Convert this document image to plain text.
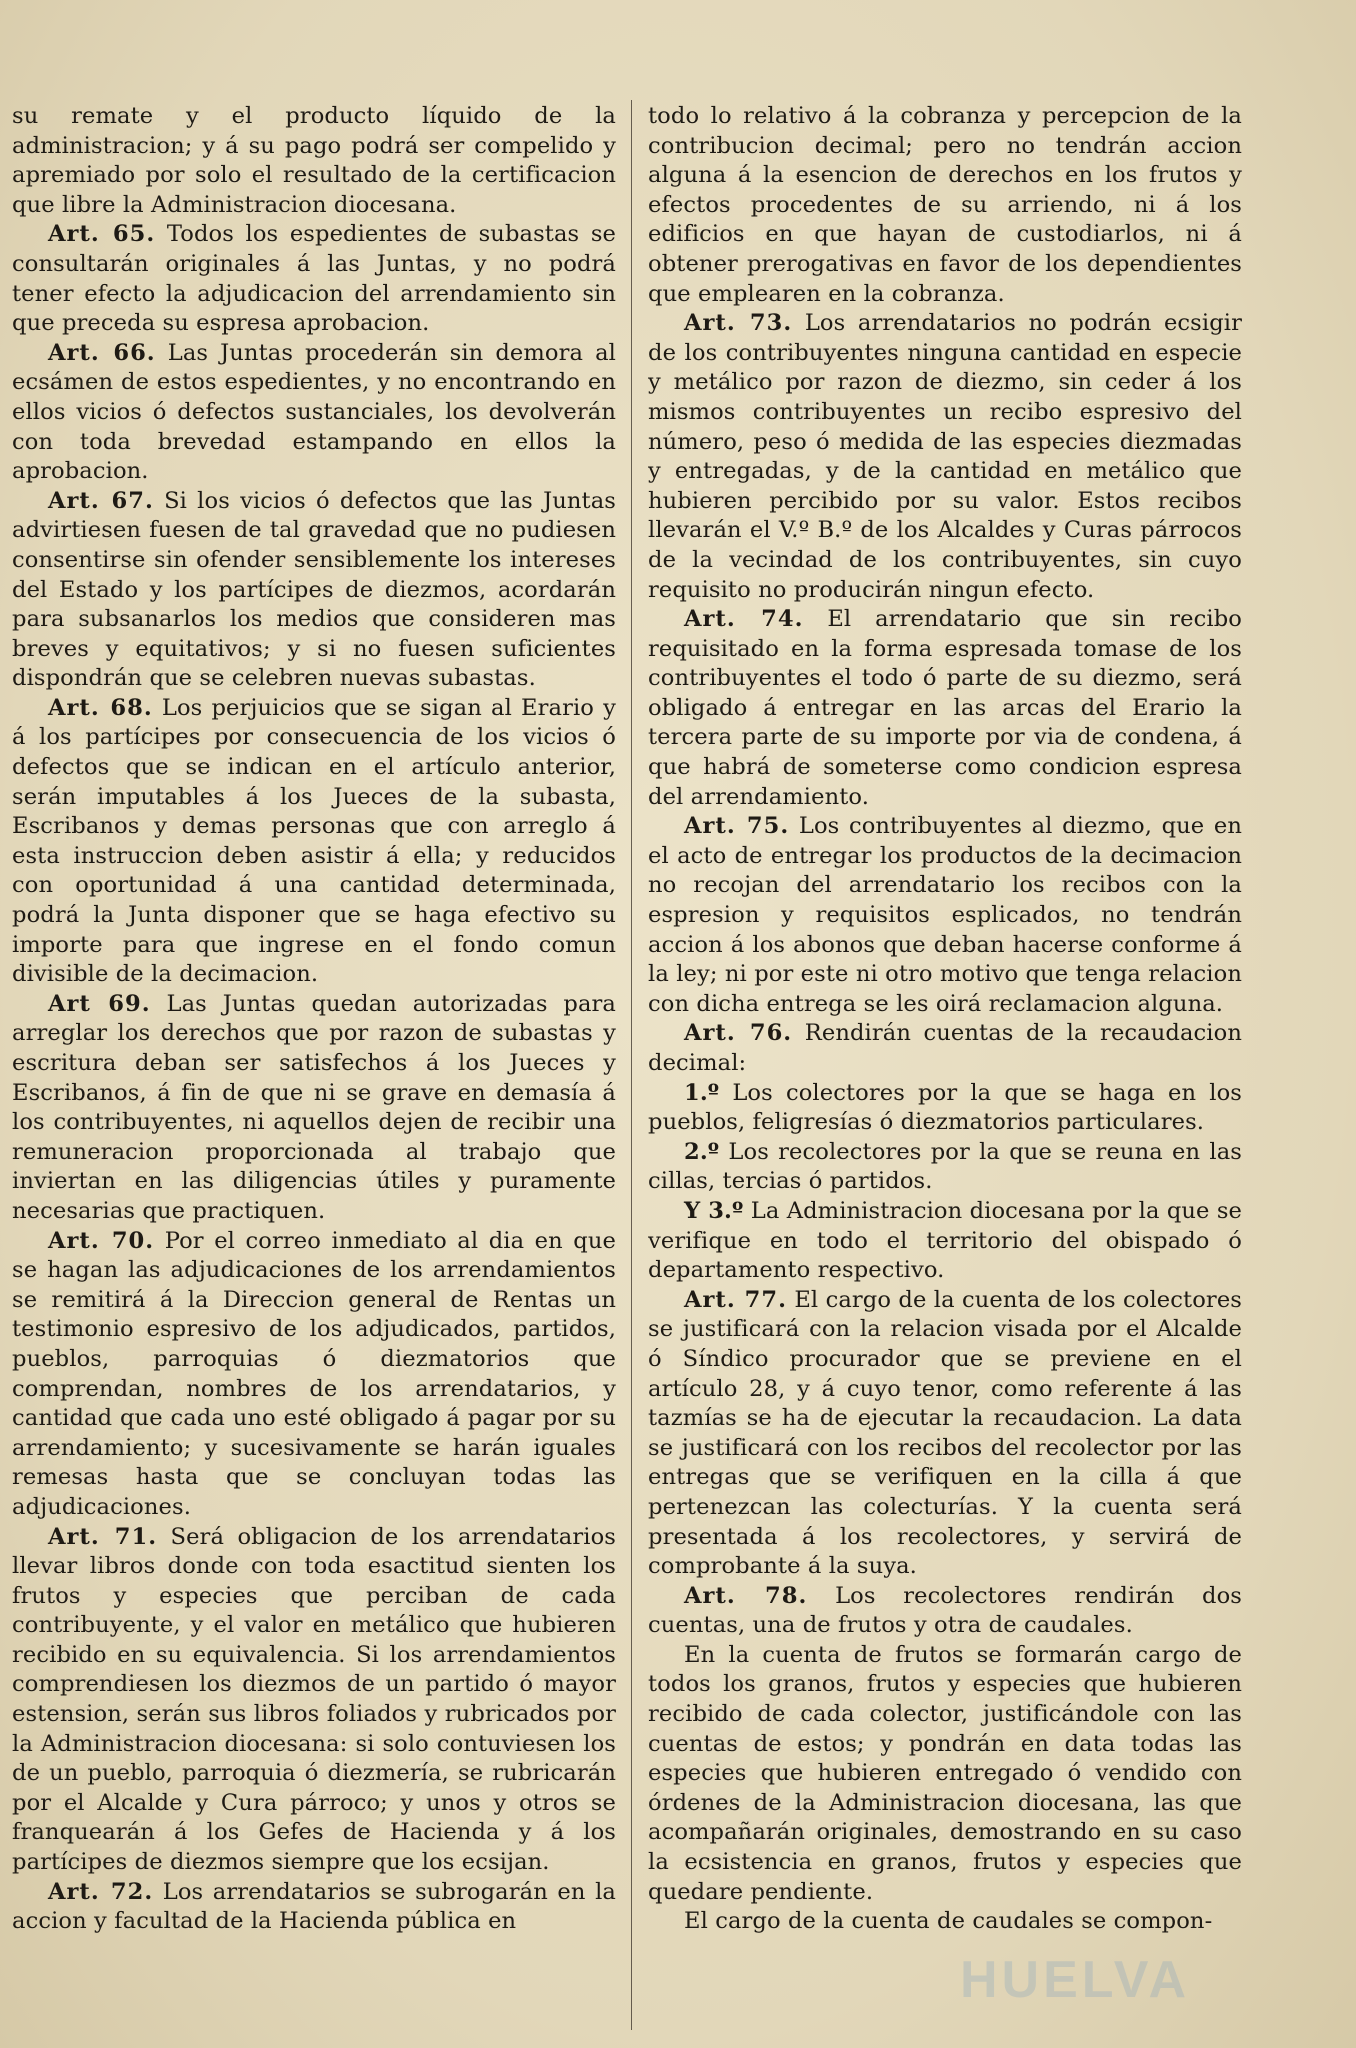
su remate y el producto líquido de la administracion; y á su pago podrá ser compelido y apremiado por solo el resultado de la certificacion que libre la Administracion diocesana.

Art. 65. Todos los espedientes de subastas se consultarán originales á las Juntas, y no podrá tener efecto la adjudicacion del arrendamiento sin que preceda su espresa aprobacion.

Art. 66. Las Juntas procederán sin demora al ecsámen de estos espedientes, y no encontrando en ellos vicios ó defectos sustanciales, los devolverán con toda brevedad estampando en ellos la aprobacion.

Art. 67. Si los vicios ó defectos que las Juntas advirtiesen fuesen de tal gravedad que no pudiesen consentirse sin ofender sensiblemente los intereses del Estado y los partícipes de diezmos, acordarán para subsanarlos los medios que consideren mas breves y equitativos; y si no fuesen suficientes dispondrán que se celebren nuevas subastas.

Art. 68. Los perjuicios que se sigan al Erario y á los partícipes por consecuencia de los vicios ó defectos que se indican en el artículo anterior, serán imputables á los Jueces de la subasta, Escribanos y demas personas que con arreglo á esta instruccion deben asistir á ella; y reducidos con oportunidad á una cantidad determinada, podrá la Junta disponer que se haga efectivo su importe para que ingrese en el fondo comun divisible de la decimacion.

Art 69. Las Juntas quedan autorizadas para arreglar los derechos que por razon de subastas y escritura deban ser satisfechos á los Jueces y Escribanos, á fin de que ni se grave en demasía á los contribuyentes, ni aquellos dejen de recibir una remuneracion proporcionada al trabajo que inviertan en las diligencias útiles y puramente necesarias que practiquen.

Art. 70. Por el correo inmediato al dia en que se hagan las adjudicaciones de los arrendamientos se remitirá á la Direccion general de Rentas un testimonio espresivo de los adjudicados, partidos, pueblos, parroquias ó diezmatorios que comprendan, nombres de los arrendatarios, y cantidad que cada uno esté obligado á pagar por su arrendamiento; y sucesivamente se harán iguales remesas hasta que se concluyan todas las adjudicaciones.

Art. 71. Será obligacion de los arrendatarios llevar libros donde con toda esactitud sienten los frutos y especies que perciban de cada contribuyente, y el valor en metálico que hubieren recibido en su equivalencia. Si los arrendamientos comprendiesen los diezmos de un partido ó mayor estension, serán sus libros foliados y rubricados por la Administracion diocesana: si solo contuviesen los de un pueblo, parroquia ó diezmería, se rubricarán por el Alcalde y Cura párroco; y unos y otros se franquearán á los Gefes de Hacienda y á los partícipes de diezmos siempre que los ecsijan.

Art. 72. Los arrendatarios se subrogarán en la accion y facultad de la Hacienda pública en

todo lo relativo á la cobranza y percepcion de la contribucion decimal; pero no tendrán accion alguna á la esencion de derechos en los frutos y efectos procedentes de su arriendo, ni á los edificios en que hayan de custodiarlos, ni á obtener prerogativas en favor de los dependientes que emplearen en la cobranza.

Art. 73. Los arrendatarios no podrán ecsigir de los contribuyentes ninguna cantidad en especie y metálico por razon de diezmo, sin ceder á los mismos contribuyentes un recibo espresivo del número, peso ó medida de las especies diezmadas y entregadas, y de la cantidad en metálico que hubieren percibido por su valor. Estos recibos llevarán el V.º B.º de los Alcaldes y Curas párrocos de la vecindad de los contribuyentes, sin cuyo requisito no producirán ningun efecto.

Art. 74. El arrendatario que sin recibo requisitado en la forma espresada tomase de los contribuyentes el todo ó parte de su diezmo, será obligado á entregar en las arcas del Erario la tercera parte de su importe por via de condena, á que habrá de someterse como condicion espresa del arrendamiento.

Art. 75. Los contribuyentes al diezmo, que en el acto de entregar los productos de la decimacion no recojan del arrendatario los recibos con la espresion y requisitos esplicados, no tendrán accion á los abonos que deban hacerse conforme á la ley; ni por este ni otro motivo que tenga relacion con dicha entrega se les oirá reclamacion alguna.

Art. 76. Rendirán cuentas de la recaudacion decimal:

1.º Los colectores por la que se haga en los pueblos, feligresías ó diezmatorios particulares.

2.º Los recolectores por la que se reuna en las cillas, tercias ó partidos.

Y 3.º La Administracion diocesana por la que se verifique en todo el territorio del obispado ó departamento respectivo.

Art. 77. El cargo de la cuenta de los colectores se justificará con la relacion visada por el Alcalde ó Síndico procurador que se previene en el artículo 28, y á cuyo tenor, como referente á las tazmías se ha de ejecutar la recaudacion. La data se justificará con los recibos del recolector por las entregas que se verifiquen en la cilla á que pertenezcan las colecturías. Y la cuenta será presentada á los recolectores, y servirá de comprobante á la suya.

Art. 78. Los recolectores rendirán dos cuentas, una de frutos y otra de caudales.

En la cuenta de frutos se formarán cargo de todos los granos, frutos y especies que hubieren recibido de cada colector, justificándole con las cuentas de estos; y pondrán en data todas las especies que hubieren entregado ó vendido con órdenes de la Administracion diocesana, las que acompañarán originales, demostrando en su caso la ecsistencia en granos, frutos y especies que quedare pendiente.

El cargo de la cuenta de caudales se compon-

HUELVA
